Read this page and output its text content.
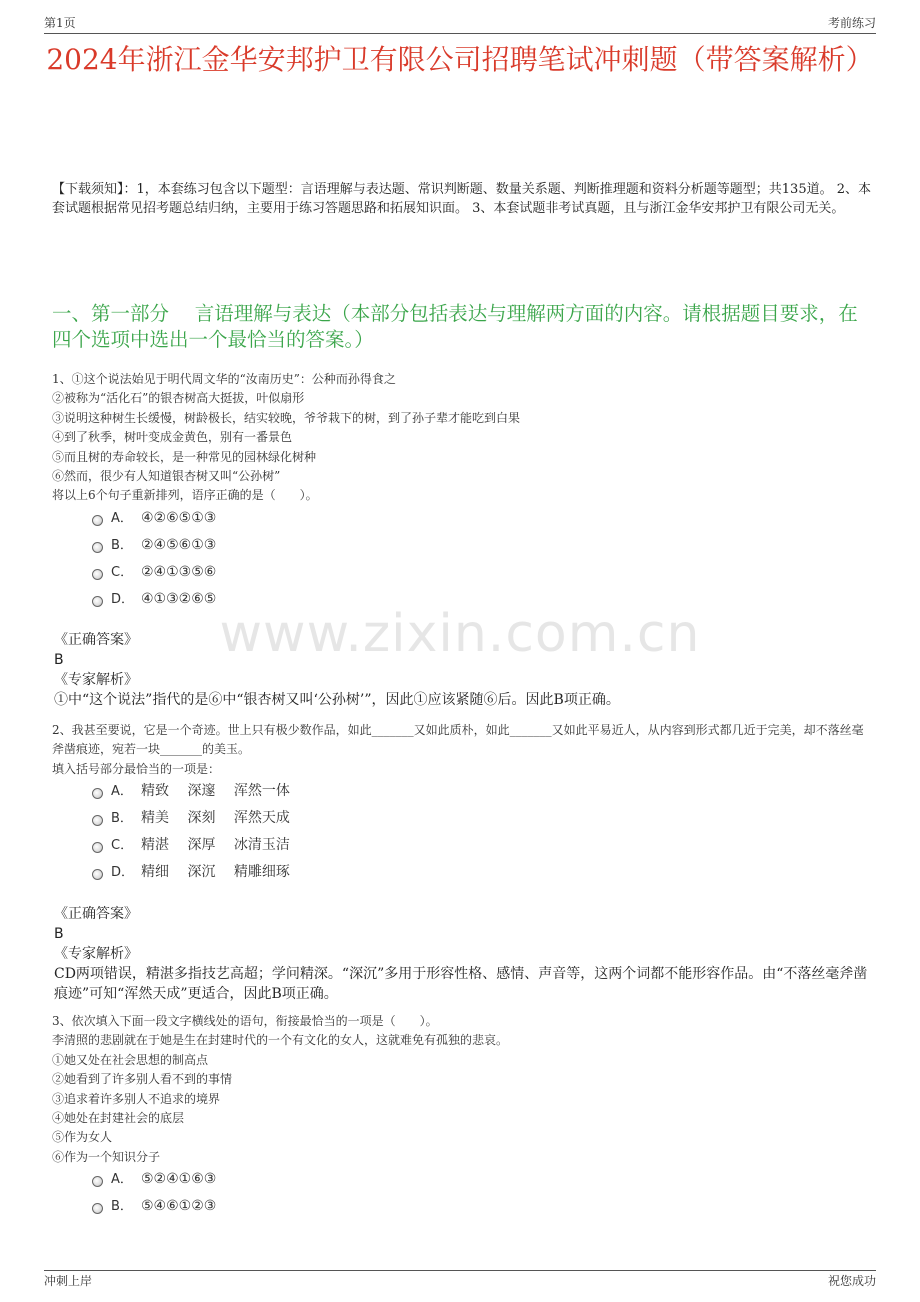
第1页	考前练习
2024年浙江金华安邦护卫有限公司招聘笔试冲刺题（带答案解析）
【下载须知】：1，本套练习包含以下题型：言语理解与表达题、常识判断题、数量关系题、判断推理题和资料分析题等题型；共135道。 2、本套试题根据常见招考题总结归纳，主要用于练习答题思路和拓展知识面。 3、本套试题非考试真题，且与浙江金华安邦护卫有限公司无关。
一、第一部分　 言语理解与表达（本部分包括表达与理解两方面的内容。请根据题目要求，在四个选项中选出一个最恰当的答案。）
www.zixin.com.cn
1、①这个说法始见于明代周文华的“汝南历史”：公种而孙得食之
②被称为“活化石”的银杏树高大挺拔，叶似扇形
③说明这种树生长缓慢，树龄极长，结实较晚，爷爷栽下的树，到了孙子辈才能吃到白果
④到了秋季，树叶变成金黄色，别有一番景色
⑤而且树的寿命较长，是一种常见的园林绿化树种
⑥然而，很少有人知道银杏树又叫“公孙树”
将以上6个句子重新排列，语序正确的是（　　）。
A． ④②⑥⑤①③
B． ②④⑤⑥①③
C． ②④①③⑤⑥
D． ④①③②⑥⑤
《正确答案》
B
《专家解析》
①中“这个说法”指代的是⑥中“银杏树又叫‘公孙树’”，因此①应该紧随⑥后。因此B项正确。
2、我甚至要说，它是一个奇迹。世上只有极少数作品，如此_______又如此质朴，如此_______又如此平易近人，从内容到形式都几近于完美，却不落丝毫斧凿痕迹，宛若一块_______的美玉。
填入括号部分最恰当的一项是：
A． 精致　 深邃　 浑然一体
B． 精美　 深刻　 浑然天成
C． 精湛　 深厚　 冰清玉洁
D． 精细　 深沉　 精雕细琢
《正确答案》
B
《专家解析》
CD两项错误，精湛多指技艺高超；学问精深。“深沉”多用于形容性格、感情、声音等，这两个词都不能形容作品。由“不落丝毫斧凿痕迹”可知“浑然天成”更适合，因此B项正确。
3、依次填入下面一段文字横线处的语句，衔接最恰当的一项是（　　）。
李清照的悲剧就在于她是生在封建时代的一个有文化的女人，这就难免有孤独的悲哀。
①她又处在社会思想的制高点
②她看到了许多别人看不到的事情
③追求着许多别人不追求的境界
④她处在封建社会的底层
⑤作为女人
⑥作为一个知识分子
A． ⑤②④①⑥③
B． ⑤④⑥①②③
冲刺上岸	祝您成功
